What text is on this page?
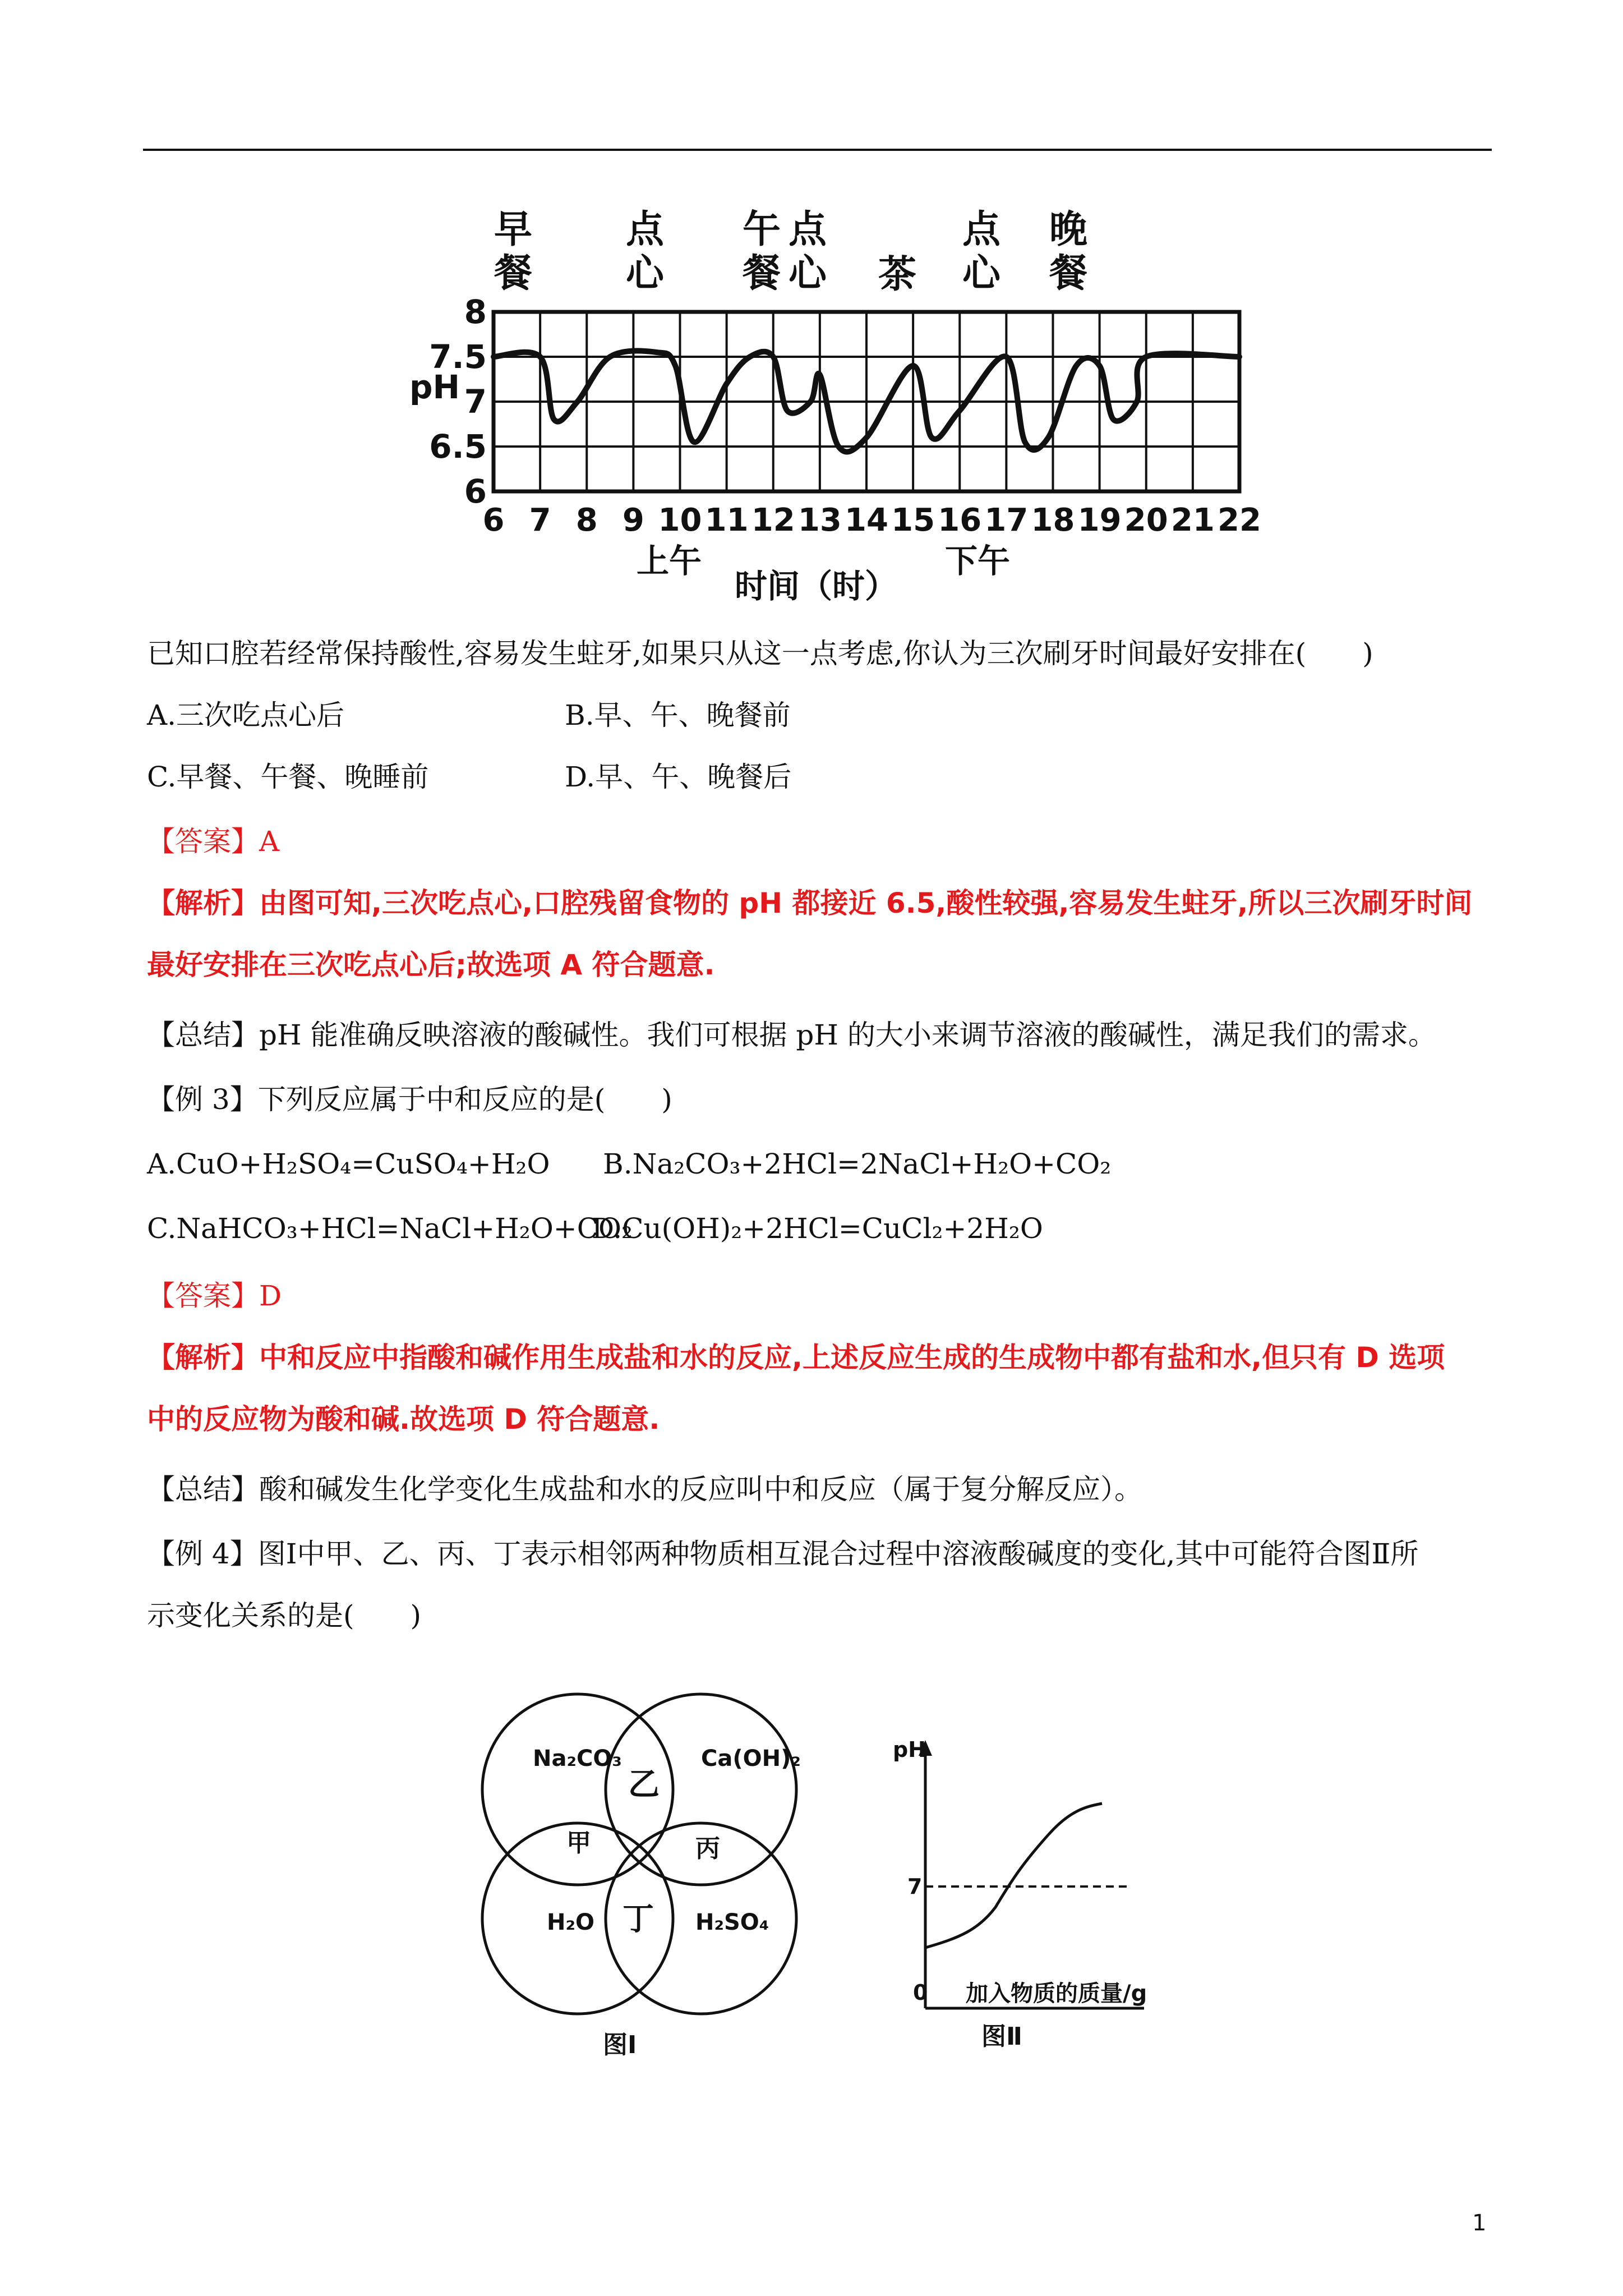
8
7.5
7
6.5
6
6 7 8 9 10 11 12 13 14 15 16 17 18 19 20 21 22
早
餐
点
心
午
餐
点
心 茶
点
心
晚
餐
pH
上午	下午
时间（时）
已知口腔若经常保持酸性,容易发生蛀牙,如果只从这一点考虑,你认为三次刷牙时间最好安排在(　　)
A.三次吃点心后	B.早、午、晚餐前
C.早餐、午餐、晚睡前	D.早、午、晚餐后
【答案】A
【解析】由图可知,三次吃点心,口腔残留食物的 pH 都接近 6.5,酸性较强,容易发生蛀牙,所以三次刷牙时间
最好安排在三次吃点心后;故选项 A 符合题意.
【总结】pH 能准确反映溶液的酸碱性。我们可根据 pH 的大小来调节溶液的酸碱性，满足我们的需求。
【例 3】下列反应属于中和反应的是(　　)
A.CuO+H₂SO₄=CuSO₄+H₂O B.Na₂CO₃+2HCl=2NaCl+H₂O+CO₂
C.NaHCO₃+HCl=NaCl+H₂O+CO₂
D.Cu(OH)₂+2HCl=CuCl₂+2H₂O
【答案】D
【解析】中和反应中指酸和碱作用生成盐和水的反应,上述反应生成的生成物中都有盐和水,但只有 D 选项
中的反应物为酸和碱.故选项 D 符合题意.
【总结】酸和碱发生化学变化生成盐和水的反应叫中和反应（属于复分解反应）。
【例 4】图Ⅰ中甲、乙、丙、丁表示相邻两种物质相互混合过程中溶液酸碱度的变化,其中可能符合图Ⅱ所
示变化关系的是(　　)
Na₂CO₃	Ca(OH)₂
H₂O	H₂SO₄
乙
甲	丙
丁
图Ⅰ
pH
7
0 加入物质的质量/g
图Ⅱ
1
